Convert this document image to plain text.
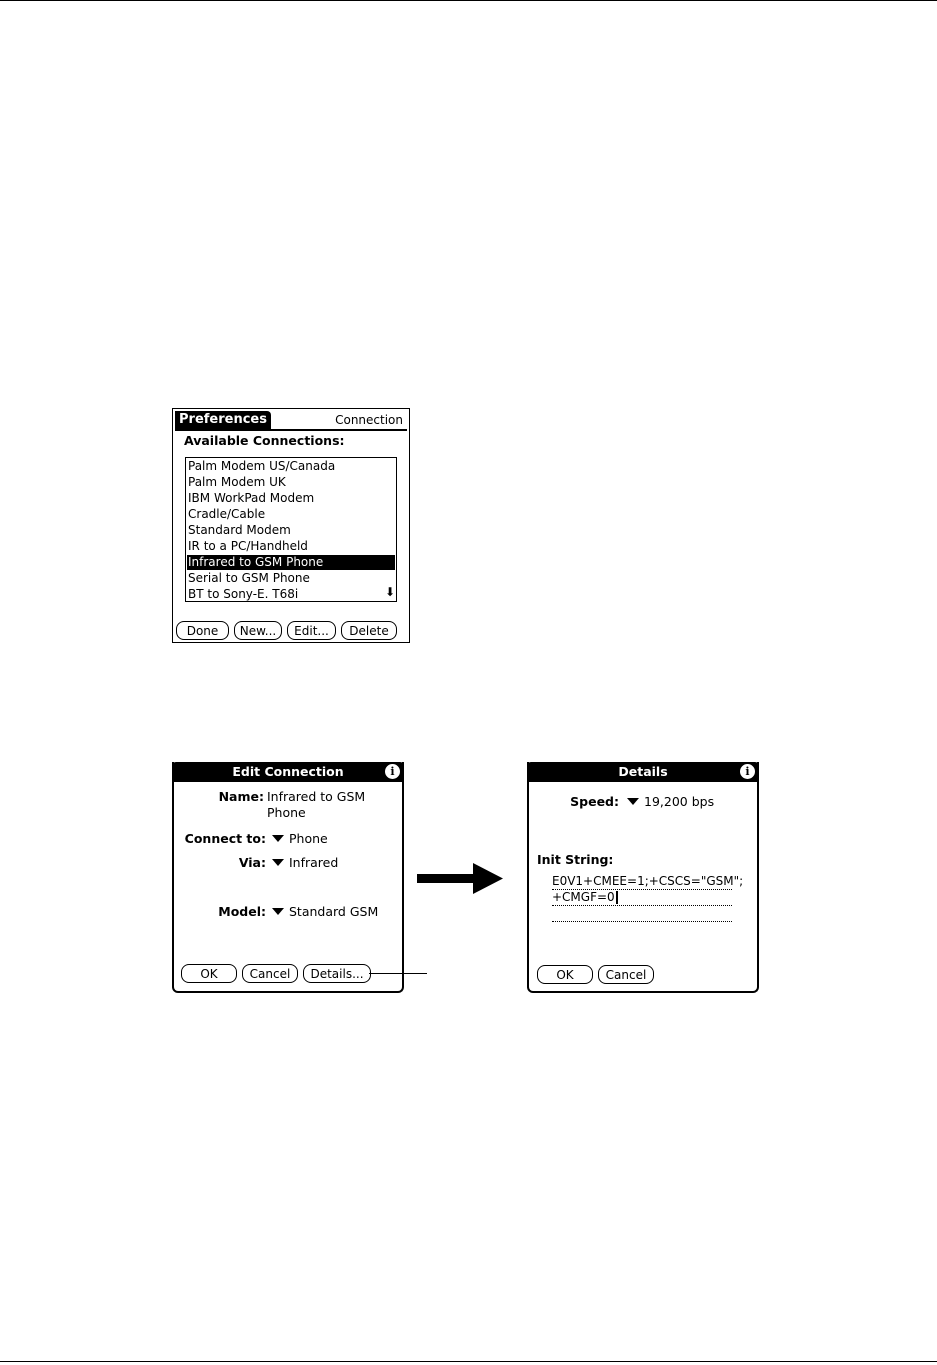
Preferences	Connection
Available Connections:
Palm Modem US/Canada
Palm Modem UK
IBM WorkPad Modem
Cradle/Cable
Standard Modem
IR to a PC/Handheld
Infrared to GSM Phone
Serial to GSM Phone
BT to Sony-E. T68i	⬇
Done	New...	Edit...	Delete
Edit Connection	i
Name: Infrared to GSM
Phone
Connect to:	Phone
Via:	Infrared
Model:	Standard GSM
OK	Cancel	Details...
Details	i
Speed:	19,200 bps
Init String:
E0V1+CMEE=1;+CSCS="GSM";
+CMGF=0
OK	Cancel
